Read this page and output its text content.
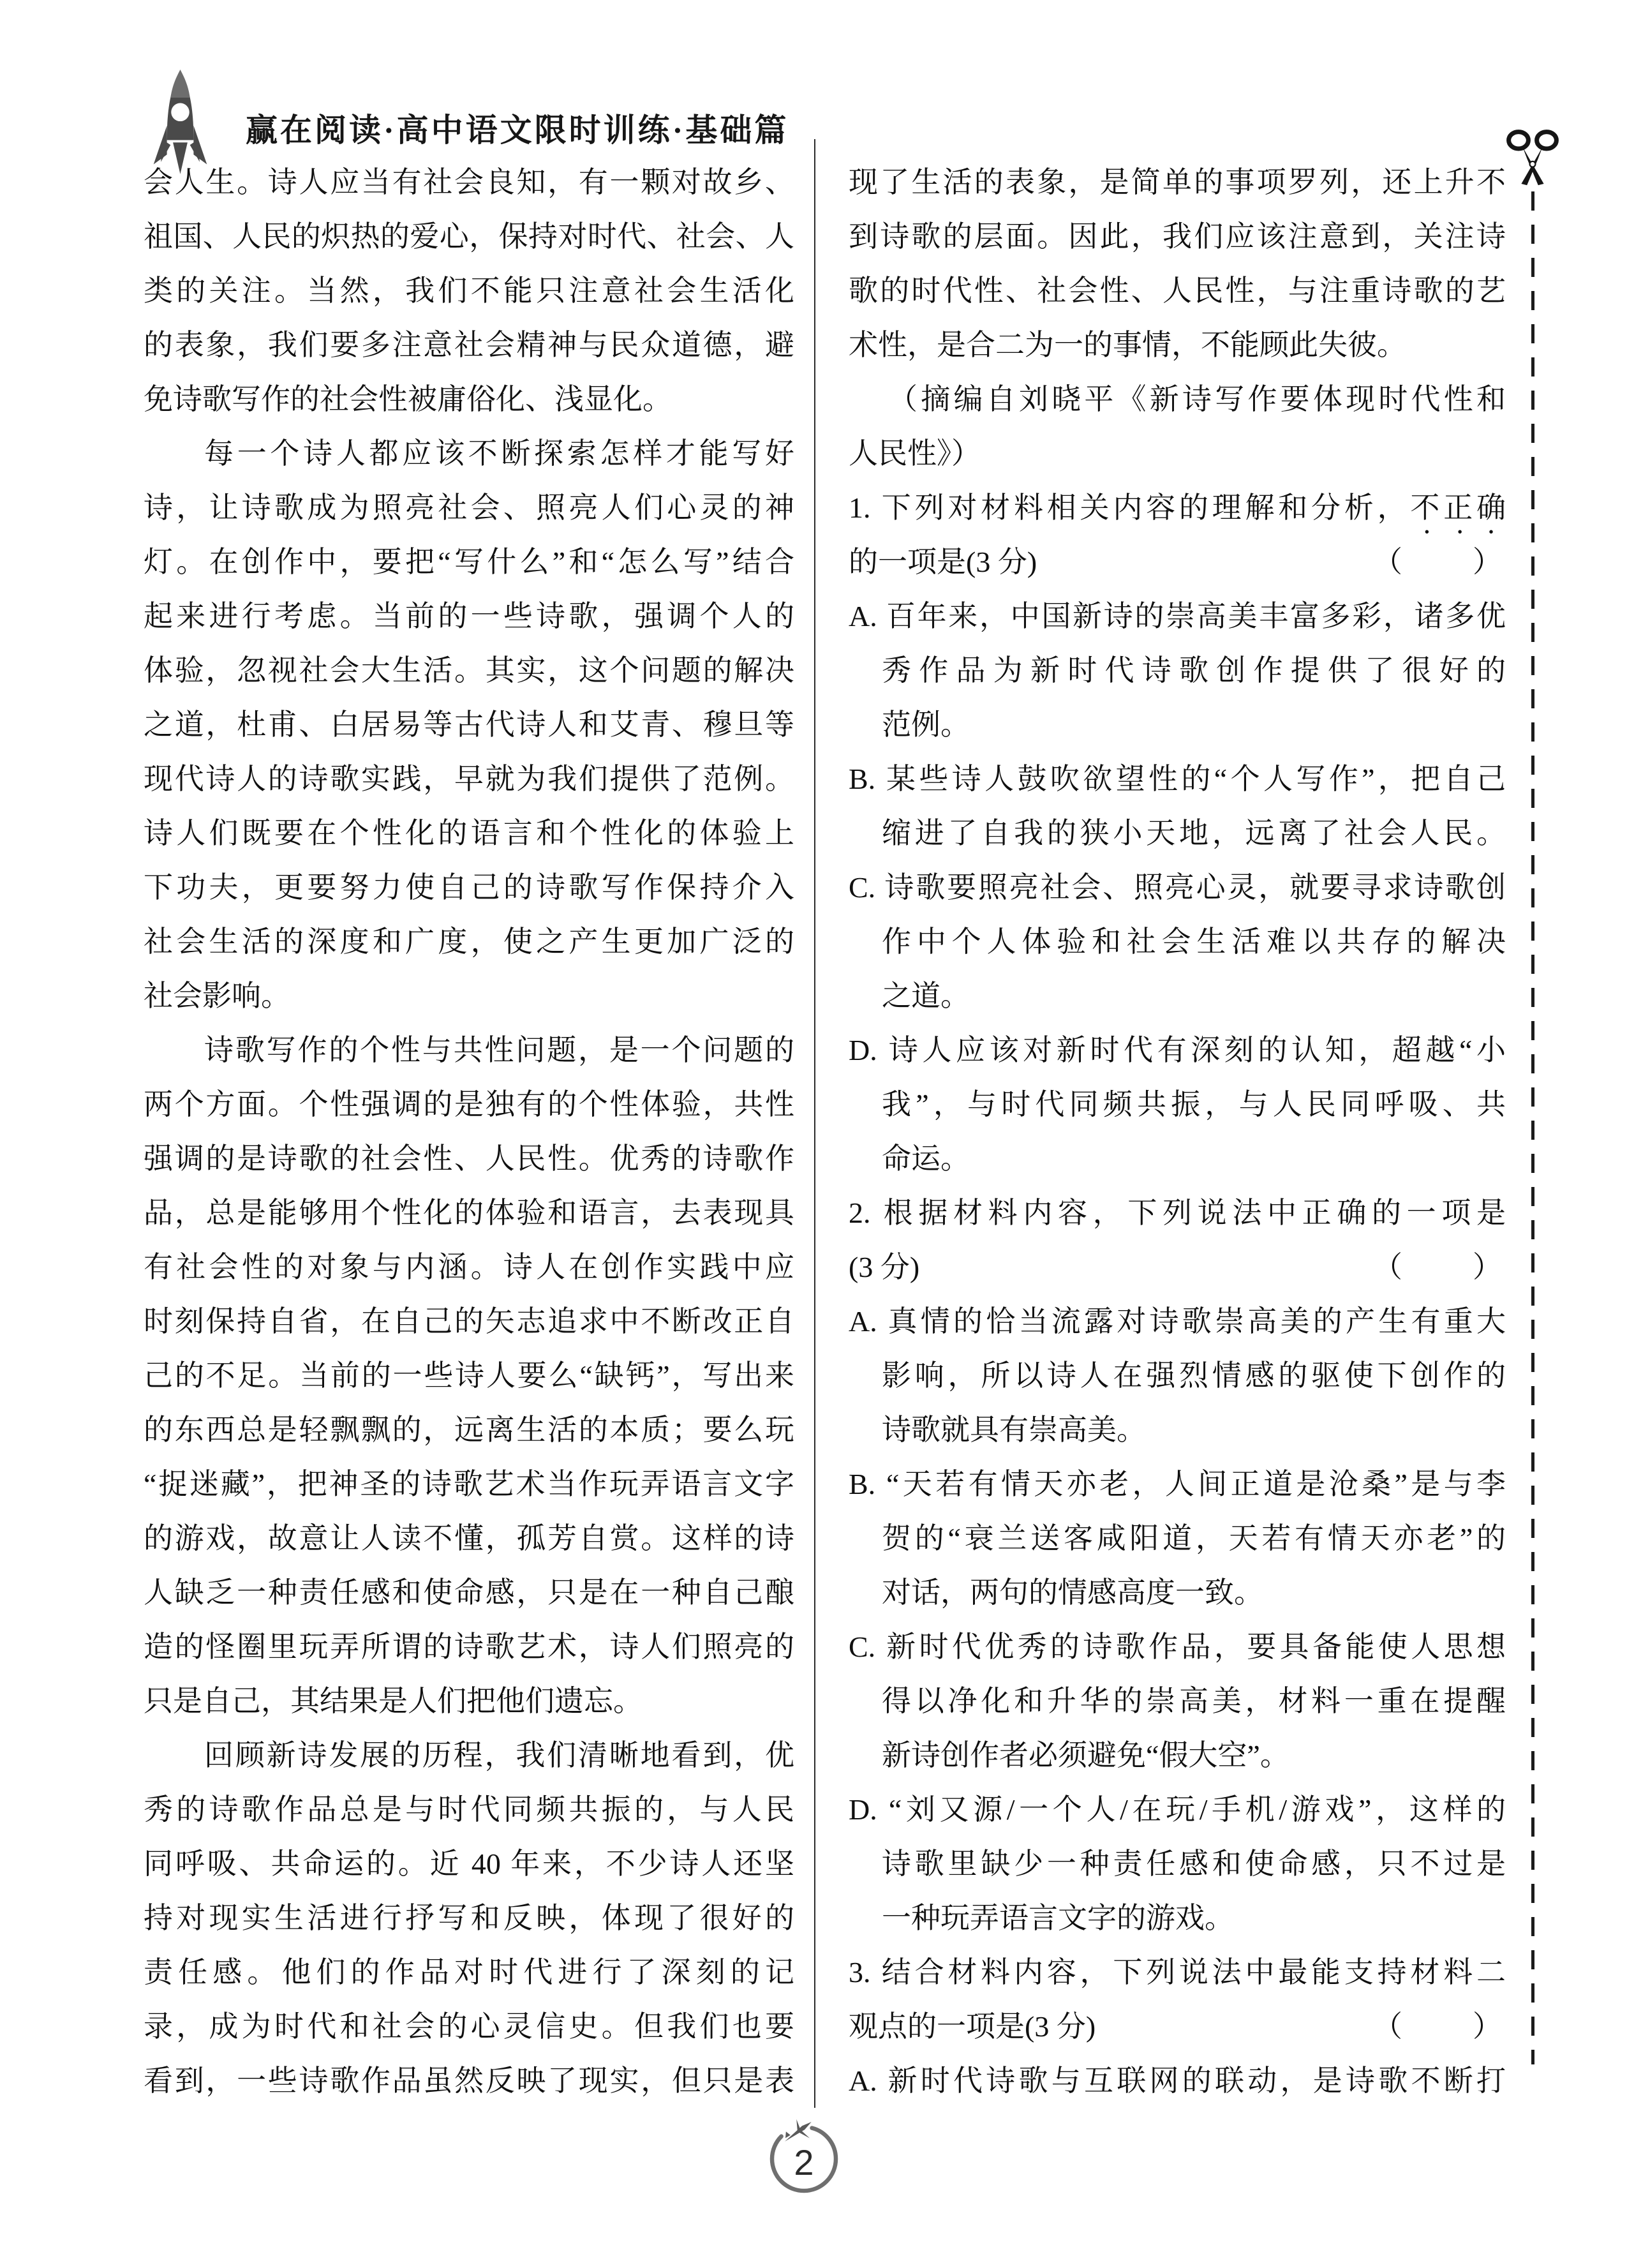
赢在阅读·高中语文限时训练·基础篇
会人生。诗人应当有社会良知，有一颗对故乡、
祖国、人民的炽热的爱心，保持对时代、社会、人
类的关注。当然，我们不能只注意社会生活化
的表象，我们要多注意社会精神与民众道德，避
免诗歌写作的社会性被庸俗化、浅显化。
每一个诗人都应该不断探索怎样才能写好
诗，让诗歌成为照亮社会、照亮人们心灵的神
灯。在创作中，要把“写什么”和“怎么写”结合
起来进行考虑。当前的一些诗歌，强调个人的
体验，忽视社会大生活。其实，这个问题的解决
之道，杜甫、白居易等古代诗人和艾青、穆旦等
现代诗人的诗歌实践，早就为我们提供了范例。
诗人们既要在个性化的语言和个性化的体验上
下功夫，更要努力使自己的诗歌写作保持介入
社会生活的深度和广度，使之产生更加广泛的
社会影响。
诗歌写作的个性与共性问题，是一个问题的
两个方面。个性强调的是独有的个性体验，共性
强调的是诗歌的社会性、人民性。优秀的诗歌作
品，总是能够用个性化的体验和语言，去表现具
有社会性的对象与内涵。诗人在创作实践中应
时刻保持自省，在自己的矢志追求中不断改正自
己的不足。当前的一些诗人要么“缺钙”，写出来
的东西总是轻飘飘的，远离生活的本质；要么玩
“捉迷藏”，把神圣的诗歌艺术当作玩弄语言文字
的游戏，故意让人读不懂，孤芳自赏。这样的诗
人缺乏一种责任感和使命感，只是在一种自己酿
造的怪圈里玩弄所谓的诗歌艺术，诗人们照亮的
只是自己，其结果是人们把他们遗忘。
回顾新诗发展的历程，我们清晰地看到，优
秀的诗歌作品总是与时代同频共振的，与人民
同呼吸、共命运的。近 40 年来，不少诗人还坚
持对现实生活进行抒写和反映，体现了很好的
责任感。他们的作品对时代进行了深刻的记
录，成为时代和社会的心灵信史。但我们也要
看到，一些诗歌作品虽然反映了现实，但只是表
现了生活的表象，是简单的事项罗列，还上升不
到诗歌的层面。因此，我们应该注意到，关注诗
歌的时代性、社会性、人民性，与注重诗歌的艺
术性，是合二为一的事情，不能顾此失彼。
（摘编自刘晓平《新诗写作要体现时代性和
人民性》）
1. 下列对材料相关内容的理解和分析，不正确
的一项是(3 分)	（　　）
A. 百年来，中国新诗的崇高美丰富多彩，诸多优
秀作品为新时代诗歌创作提供了很好的
范例。
B. 某些诗人鼓吹欲望性的“个人写作”，把自己
缩进了自我的狭小天地，远离了社会人民。
C. 诗歌要照亮社会、照亮心灵，就要寻求诗歌创
作中个人体验和社会生活难以共存的解决
之道。
D. 诗人应该对新时代有深刻的认知，超越“小
我”，与时代同频共振，与人民同呼吸、共
命运。
2. 根据材料内容，下列说法中正确的一项是
(3 分)	（　　）
A. 真情的恰当流露对诗歌崇高美的产生有重大
影响，所以诗人在强烈情感的驱使下创作的
诗歌就具有崇高美。
B. “天若有情天亦老，人间正道是沧桑”是与李
贺的“衰兰送客咸阳道，天若有情天亦老”的
对话，两句的情感高度一致。
C. 新时代优秀的诗歌作品，要具备能使人思想
得以净化和升华的崇高美，材料一重在提醒
新诗创作者必须避免“假大空”。
D. “刘又源/一个人/在玩/手机/游戏”，这样的
诗歌里缺少一种责任感和使命感，只不过是
一种玩弄语言文字的游戏。
3. 结合材料内容，下列说法中最能支持材料二
观点的一项是(3 分)	（　　）
A. 新时代诗歌与互联网的联动，是诗歌不断打
2
